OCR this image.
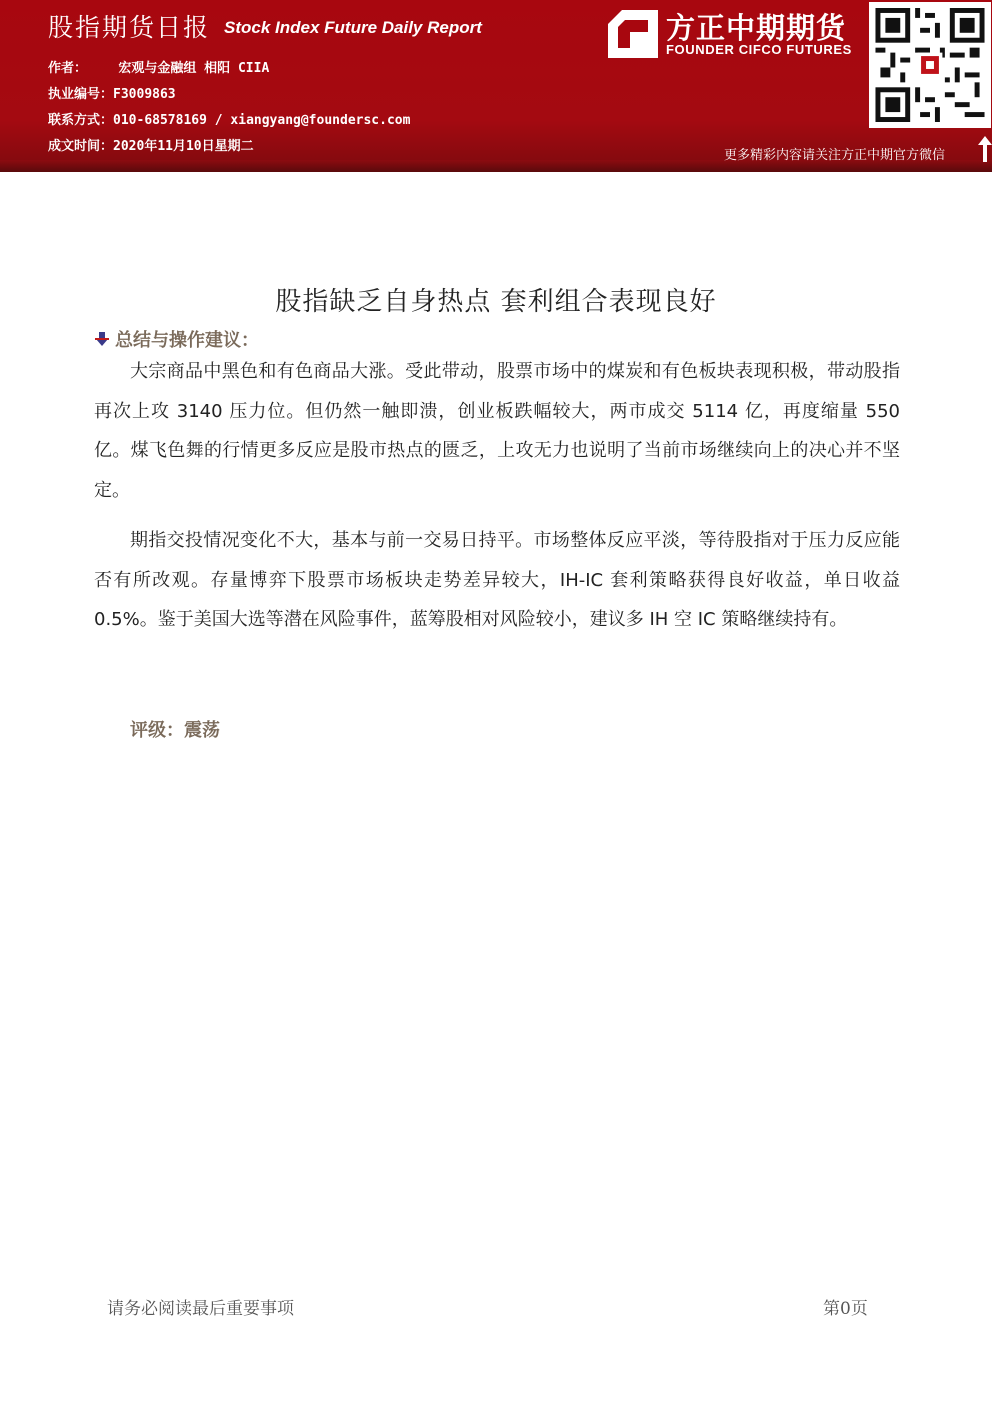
股指期货日报 Stock Index Future Daily Report
作者：    宏观与金融组 相阳 CIIA
执业编号：F3009863
联系方式：010-68578169 / xiangyang@foundersc.com
成文时间：2020年11月10日星期二
方正中期期货
FOUNDER CIFCO FUTURES
更多精彩内容请关注方正中期官方微信
股指缺乏自身热点 套利组合表现良好
总结与操作建议：

大宗商品中黑色和有色商品大涨。受此带动，股票市场中的煤炭和有色板块表现积极，带动股指再次上攻 3140 压力位。但仍然一触即溃，创业板跌幅较大，两市成交 5114 亿，再度缩量 550 亿。煤飞色舞的行情更多反应是股市热点的匮乏，上攻无力也说明了当前市场继续向上的决心并不坚定。

期指交投情况变化不大，基本与前一交易日持平。市场整体反应平淡，等待股指对于压力反应能否有所改观。存量博弈下股票市场板块走势差异较大，IH-IC 套利策略获得良好收益，单日收益 0.5%。鉴于美国大选等潜在风险事件，蓝筹股相对风险较小，建议多 IH 空 IC 策略继续持有。

评级：震荡
请务必阅读最后重要事项	第0页
